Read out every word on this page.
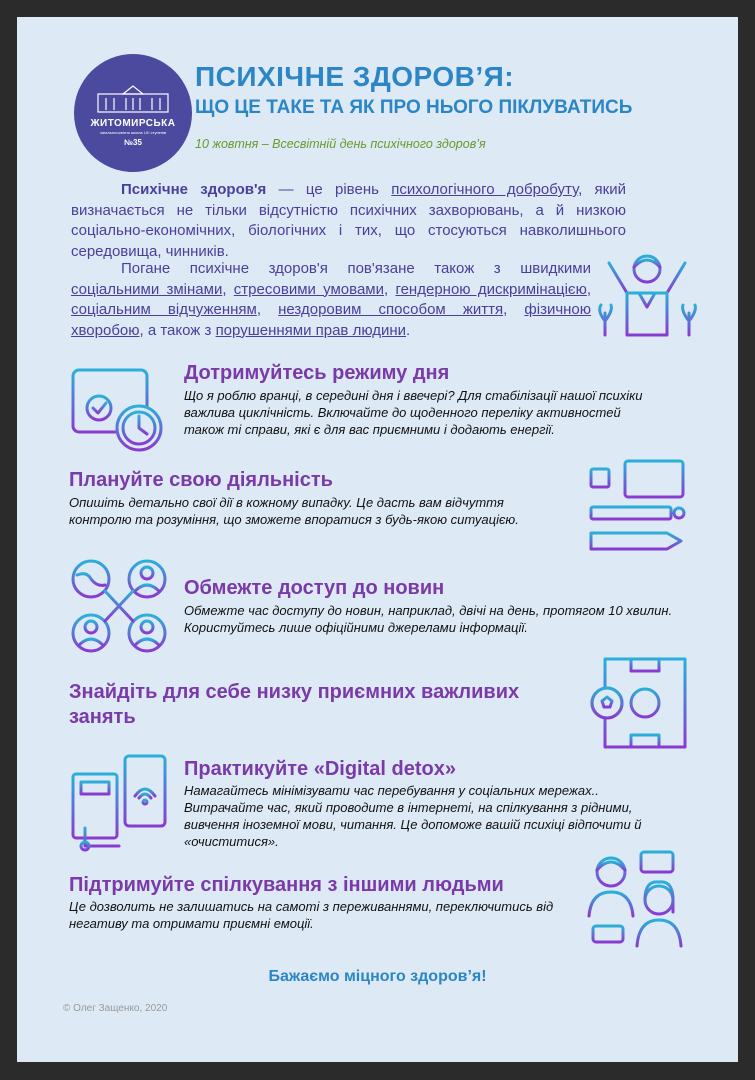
ЖИТОМИРСЬКА
загальноосвітня школа І-ІІІ ступенів
№35
ПСИХІЧНЕ ЗДОРОВ’Я:
ЩО ЦЕ ТАКЕ ТА ЯК ПРО НЬОГО ПІКЛУВАТИСЬ
10 жовтня – Всесвітній день психічного здоров’я
Психічне здоров'я — це рівень психологічного добробуту, який визначається не тільки відсутністю психічних захворювань, а й низкою соціально-економічних, біологічних і тих, що стосуються навколишнього середовища, чинників.
Погане психічне здоров'я пов'язане також з швидкими соціальними змінами, стресовими умовами, гендерною дискримінацією, соціальним відчуженням, нездоровим способом життя, фізичною хворобою, а також з порушеннями прав людини.
Дотримуйтесь режиму дня
Що я роблю вранці, в середині дня і ввечері? Для стабілізації нашої психіки важлива циклічність. Включайте до щоденного переліку активностей також ті справи, які є для вас приємними і додають енергії.
Плануйте свою діяльність
Опишіть детально свої дії в кожному випадку. Це дасть вам відчуття контролю та розуміння, що зможете впоратися з будь-якою ситуацією.
Обмежте доступ до новин
Обмежте час доступу до новин, наприклад, двічі на день, протягом 10 хвилин. Користуйтесь лише офіційними джерелами інформації.
Знайдіть для себе низку приємних важливих занять
Практикуйте «Digital detox»
Намагайтесь мінімізувати час перебування у соціальних мережах.. Витрачайте час, який проводите в інтернеті, на спілкування з рідними, вивчення іноземної мови, читання. Це допоможе вашій психіці відпочити й «очиститися».
Підтримуйте спілкування з іншими людьми
Це дозволить не залишатись на самоті з переживаннями, переключитись від негативу та отримати приємні емоції.
Бажаємо міцного здоров’я!
© Олег Защенко, 2020
